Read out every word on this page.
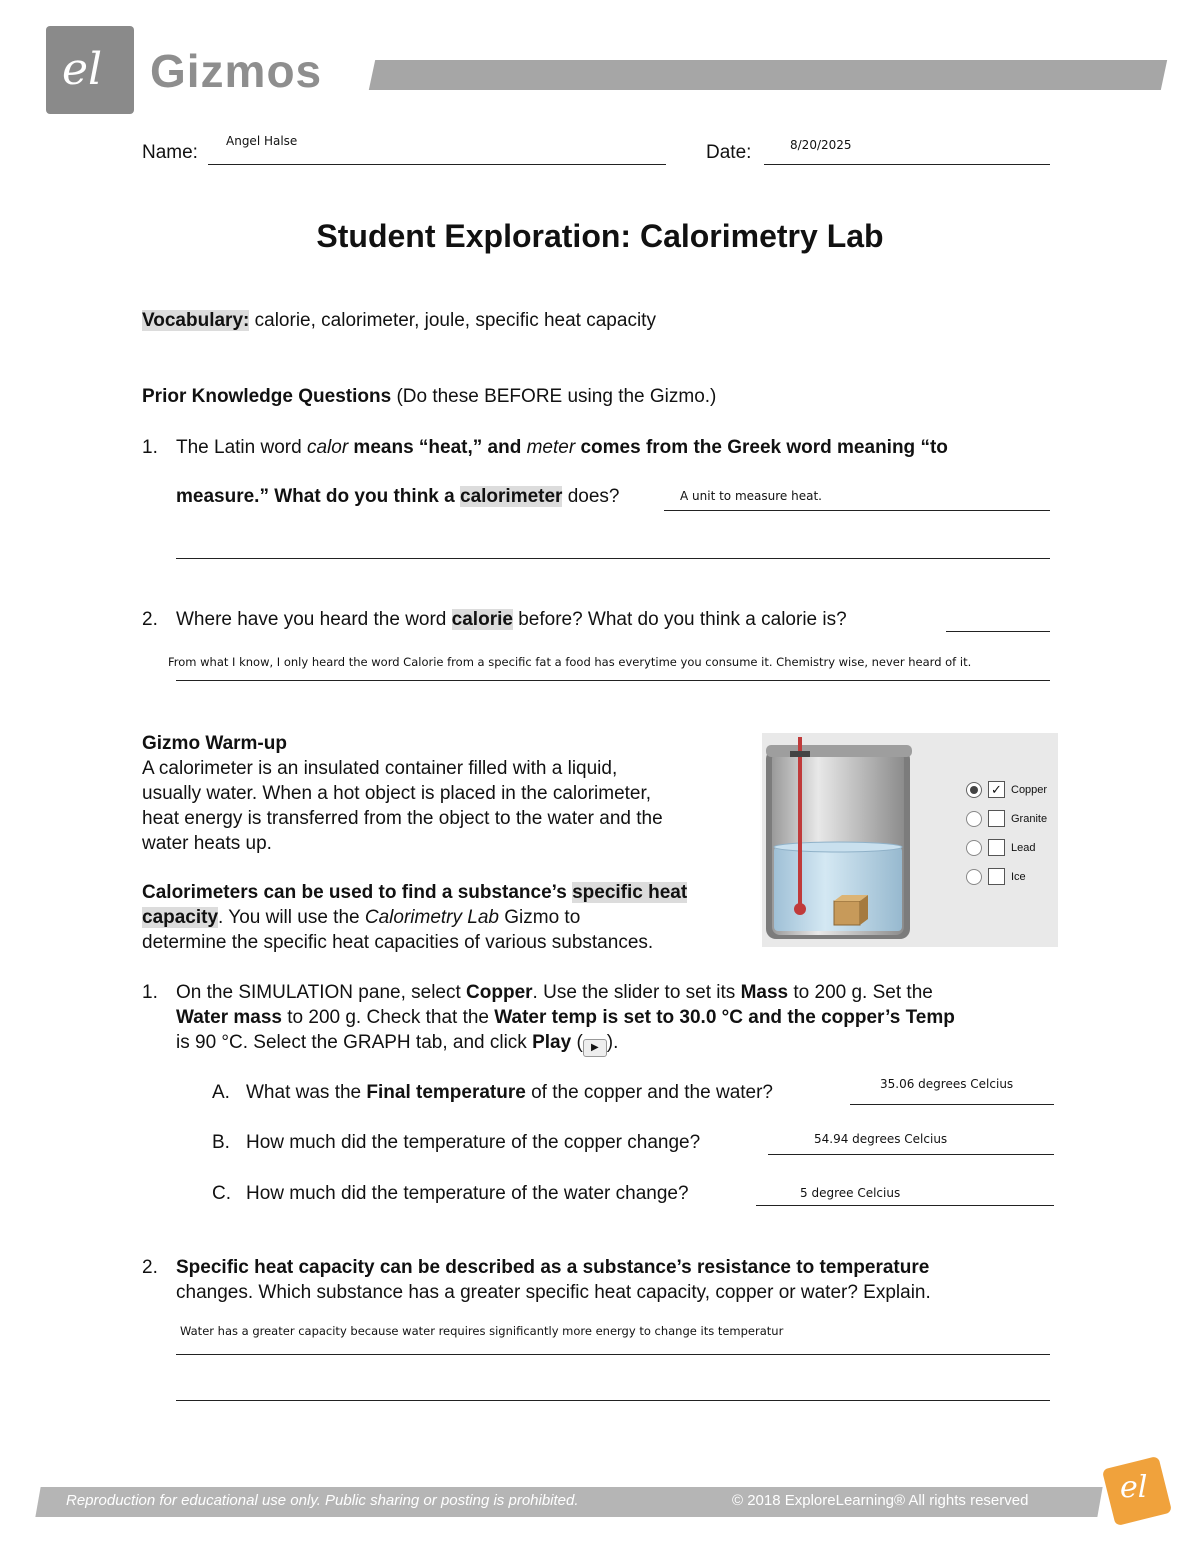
el Gizmos
Name:
Angel Halse
Date:	8/20/2025
Student Exploration: Calorimetry Lab
Vocabulary: calorie, calorimeter, joule, specific heat capacity
Prior Knowledge Questions (Do these BEFORE using the Gizmo.)
1. The Latin word calor means “heat,” and meter comes from the Greek word meaning “to
measure.” What do you think a calorimeter does?	A unit to measure heat.
2. Where have you heard the word calorie before? What do you think a calorie is?
From what I know, I only heard the word Calorie from a specific fat a food has everytime you consume it. Chemistry wise, never heard of it.
Gizmo Warm-up
A calorimeter is an insulated container filled with a liquid,
usually water. When a hot object is placed in the calorimeter,
heat energy is transferred from the object to the water and the
water heats up.
Calorimeters can be used to find a substance’s specific heat
capacity. You will use the Calorimetry Lab Gizmo to
determine the specific heat capacities of various substances.
✓ Copper
Granite
Lead
Ice
1. On the SIMULATION pane, select Copper. Use the slider to set its Mass to 200 g. Set the
Water mass to 200 g. Check that the Water temp is set to 30.0 °C and the copper’s Temp
is 90 °C. Select the GRAPH tab, and click Play ( ▶ ).
A. What was the Final temperature of the copper and the water?	35.06 degrees Celcius
B. How much did the temperature of the copper change?	54.94 degrees Celcius
C. How much did the temperature of the water change?	5 degree Celcius
2. Specific heat capacity can be described as a substance’s resistance to temperature
changes. Which substance has a greater specific heat capacity, copper or water? Explain.
Water has a greater capacity because water requires significantly more energy to change its temperatur
Reproduction for educational use only. Public sharing or posting is prohibited.	© 2018 ExploreLearning® All rights reserved	el
